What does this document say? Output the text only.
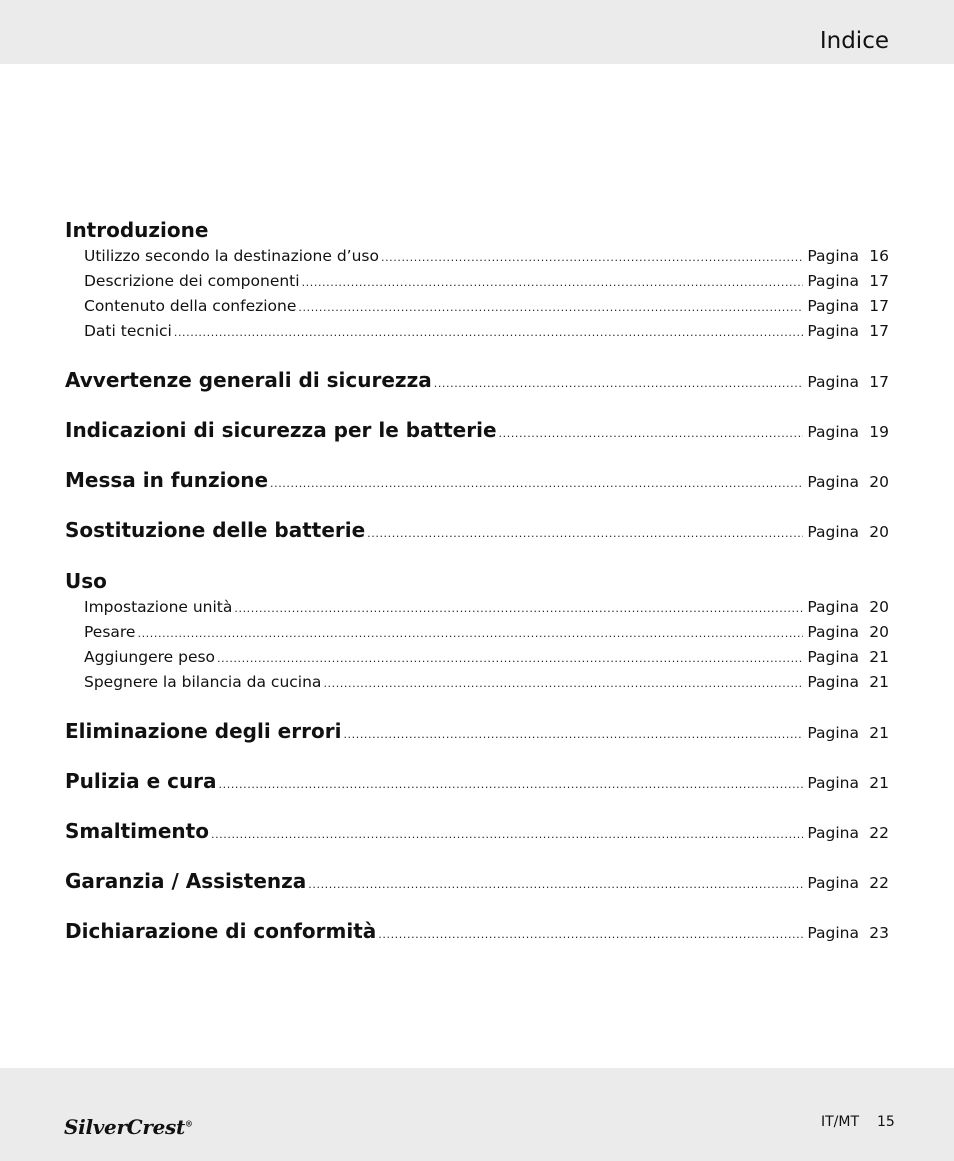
Indice
Introduzione
Utilizzo secondo la destinazione d’uso .....	Pagina 16
Descrizione dei componenti .....	Pagina 17
Contenuto della confezione .....	Pagina 17
Dati tecnici .....	Pagina 17
Avvertenze generali di sicurezza .....	Pagina 17
Indicazioni di sicurezza per le batterie .....	Pagina 19
Messa in funzione .....	Pagina 20
Sostituzione delle batterie .....	Pagina 20
Uso
Impostazione unità .....	Pagina 20
Pesare .....	Pagina 20
Aggiungere peso .....	Pagina 21
Spegnere la bilancia da cucina .....	Pagina 21
Eliminazione degli errori .....	Pagina 21
Pulizia e cura .....	Pagina 21
Smaltimento .....	Pagina 22
Garanzia / Assistenza .....	Pagina 22
Dichiarazione di conformità .....	Pagina 23
SilverCrest®	IT/MT 15
